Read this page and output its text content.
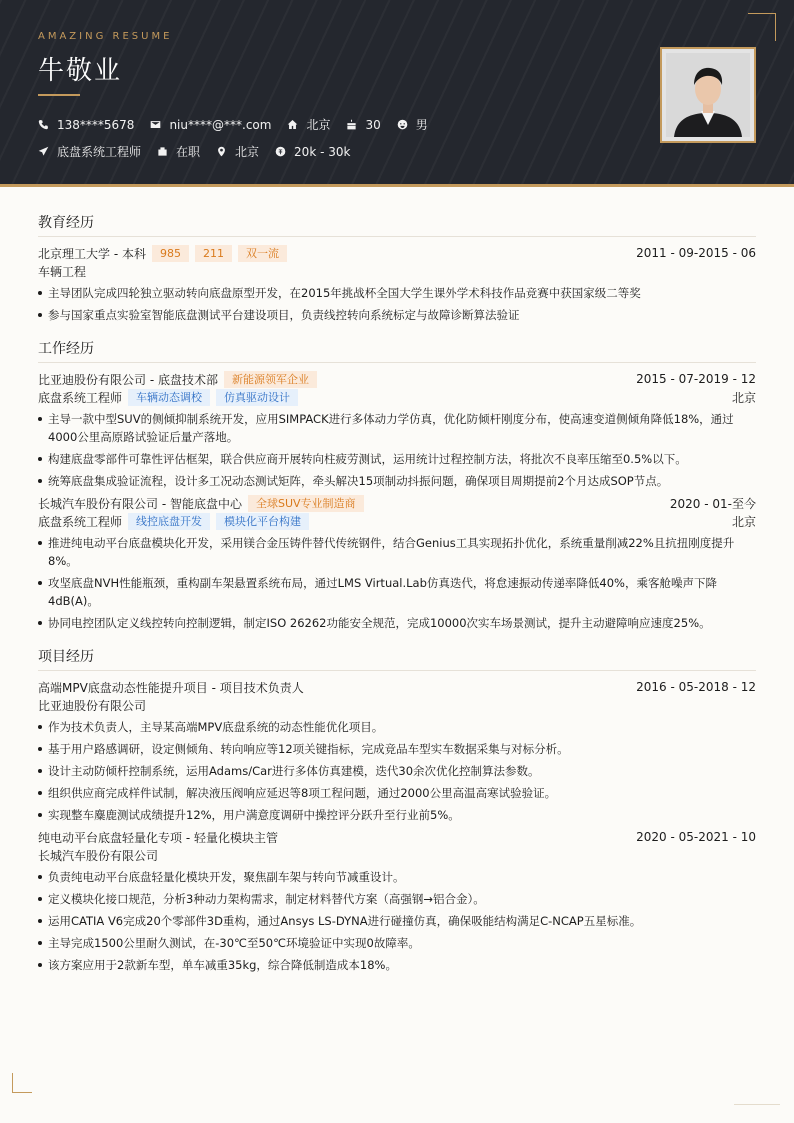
AMAZING RESUME
牛敬业
138****5678	niu****@***.com	北京	30	男
底盘系统工程师	在职	北京	20k - 30k
教育经历
北京理工大学 - 本科	985	211	双一流	2011 - 09-2015 - 06
车辆工程
主导团队完成四轮独立驱动转向底盘原型开发，在2015年挑战杯全国大学生课外学术科技作品竞赛中获国家级二等奖
参与国家重点实验室智能底盘测试平台建设项目，负责线控转向系统标定与故障诊断算法验证
工作经历
比亚迪股份有限公司 - 底盘技术部	新能源领军企业	2015 - 07-2019 - 12
底盘系统工程师	车辆动态调校	仿真驱动设计	北京
主导一款中型SUV的侧倾抑制系统开发，应用SIMPACK进行多体动力学仿真，优化防倾杆刚度分布，使高速变道侧倾角降低18%，通过4000公里高原路试验证后量产落地。
构建底盘零部件可靠性评估框架，联合供应商开展转向柱疲劳测试，运用统计过程控制方法，将批次不良率压缩至0.5%以下。
统筹底盘集成验证流程，设计多工况动态测试矩阵，牵头解决15项制动抖振问题，确保项目周期提前2个月达成SOP节点。
长城汽车股份有限公司 - 智能底盘中心	全球SUV专业制造商	2020 - 01-至今
底盘系统工程师	线控底盘开发	模块化平台构建	北京
推进纯电动平台底盘模块化开发，采用镁合金压铸件替代传统钢件，结合Genius工具实现拓扑优化，系统重量削减22%且抗扭刚度提升8%。
攻坚底盘NVH性能瓶颈，重构副车架悬置系统布局，通过LMS Virtual.Lab仿真迭代，将怠速振动传递率降低40%，乘客舱噪声下降4dB(A)。
协同电控团队定义线控转向控制逻辑，制定ISO 26262功能安全规范，完成10000次实车场景测试，提升主动避障响应速度25%。
项目经历
高端MPV底盘动态性能提升项目 - 项目技术负责人	2016 - 05-2018 - 12
比亚迪股份有限公司
作为技术负责人，主导某高端MPV底盘系统的动态性能优化项目。
基于用户路感调研，设定侧倾角、转向响应等12项关键指标，完成竞品车型实车数据采集与对标分析。
设计主动防倾杆控制系统，运用Adams/Car进行多体仿真建模，迭代30余次优化控制算法参数。
组织供应商完成样件试制，解决液压阀响应延迟等8项工程问题，通过2000公里高温高寒试验验证。
实现整车麋鹿测试成绩提升12%，用户满意度调研中操控评分跃升至行业前5%。
纯电动平台底盘轻量化专项 - 轻量化模块主管	2020 - 05-2021 - 10
长城汽车股份有限公司
负责纯电动平台底盘轻量化模块开发，聚焦副车架与转向节减重设计。
定义模块化接口规范，分析3种动力架构需求，制定材料替代方案（高强钢→铝合金）。
运用CATIA V6完成20个零部件3D重构，通过Ansys LS-DYNA进行碰撞仿真，确保吸能结构满足C-NCAP五星标准。
主导完成1500公里耐久测试，在-30℃至50℃环境验证中实现0故障率。
该方案应用于2款新车型，单车减重35kg，综合降低制造成本18%。
